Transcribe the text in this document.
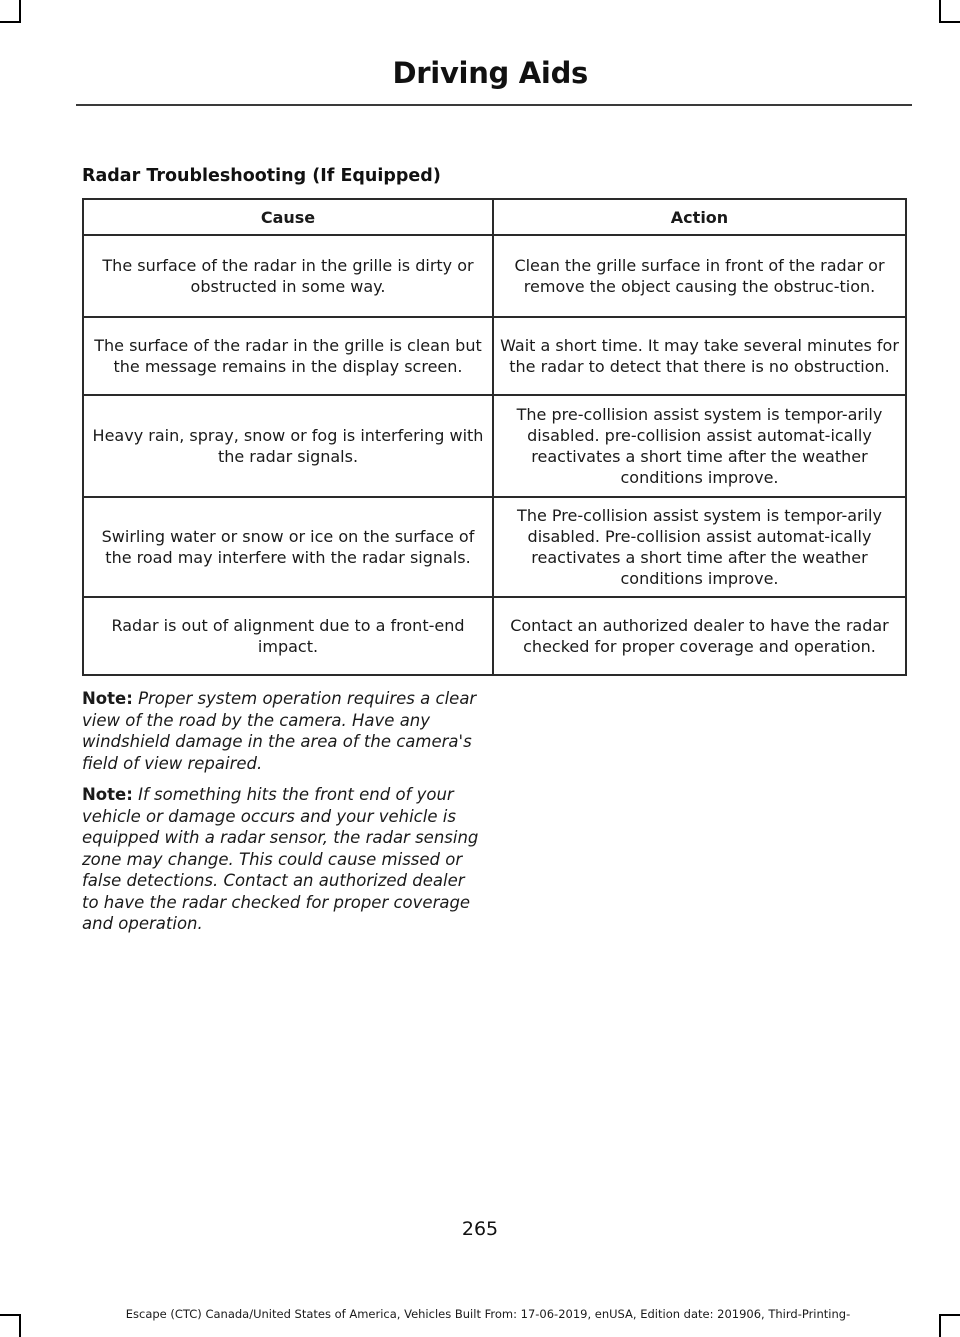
Driving Aids
Radar Troubleshooting (If Equipped)
Cause	Action
The surface of the radar in the grille is dirty or obstructed in some way.	Clean the grille surface in front of the radar or remove the object causing the obstruc-tion.
The surface of the radar in the grille is clean but the message remains in the display screen.	Wait a short time. It may take several minutes for the radar to detect that there is no obstruction.
Heavy rain, spray, snow or fog is interfering with the radar signals.	The pre-collision assist system is tempor-arily disabled. pre-collision assist automat-ically reactivates a short time after the weather conditions improve.
Swirling water or snow or ice on the surface of the road may interfere with the radar signals.	The Pre-collision assist system is tempor-arily disabled. Pre-collision assist automat-ically reactivates a short time after the weather conditions improve.
Radar is out of alignment due to a front-end impact.	Contact an authorized dealer to have the radar checked for proper coverage and operation.
Note: Proper system operation requires a clear view of the road by the camera. Have any windshield damage in the area of the camera's field of view repaired.
Note: If something hits the front end of your vehicle or damage occurs and your vehicle is equipped with a radar sensor, the radar sensing zone may change. This could cause missed or false detections. Contact an authorized dealer to have the radar checked for proper coverage and operation.
265
Escape (CTC) Canada/United States of America, Vehicles Built From: 17-06-2019, enUSA, Edition date: 201906, Third-Printing-
